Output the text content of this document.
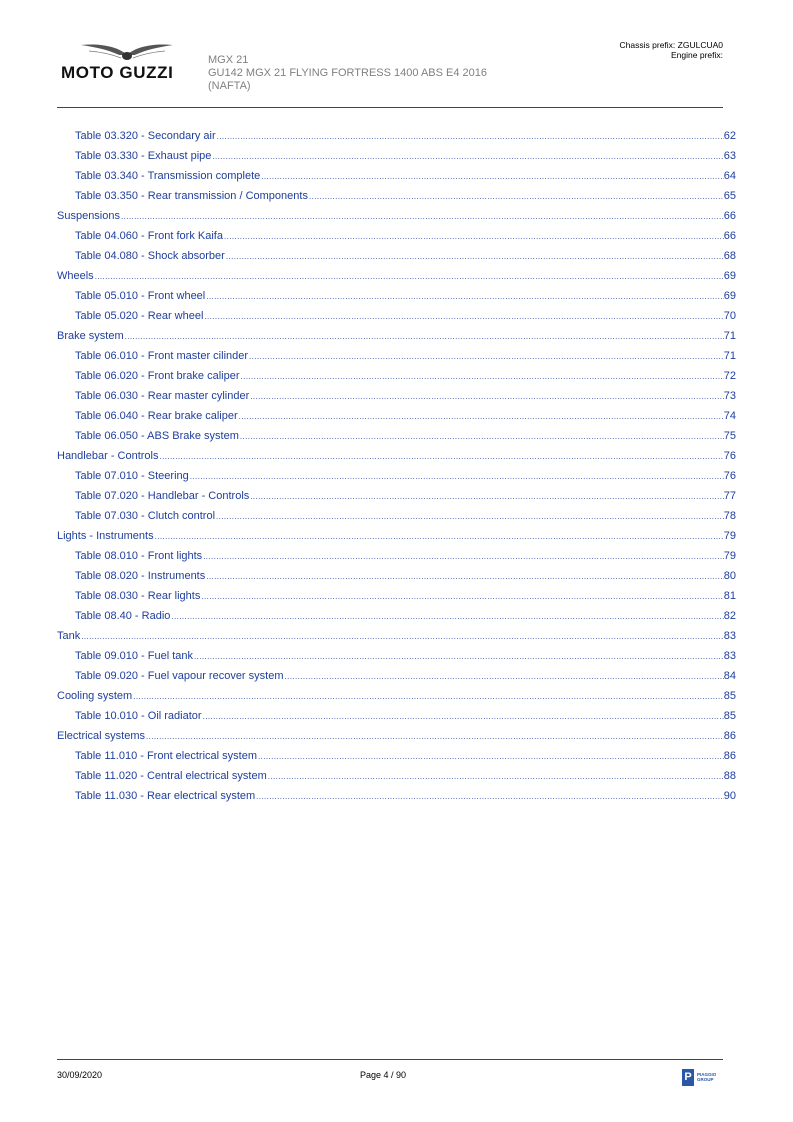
MOTO GUZZI
MGX 21
GU142 MGX 21 FLYING FORTRESS 1400 ABS E4 2016
(NAFTA)
Chassis prefix: ZGULCUA0
Engine prefix:
Table 03.320 - Secondary air .....	62
Table 03.330 - Exhaust pipe .....	63
Table 03.340 - Transmission complete .....	64
Table 03.350 - Rear transmission / Components .....	65
Suspensions .....	66
Table 04.060 - Front fork Kaifa .....	66
Table 04.080 - Shock absorber .....	68
Wheels .....	69
Table 05.010 - Front wheel .....	69
Table 05.020 - Rear wheel .....	70
Brake system .....	71
Table 06.010 - Front master cilinder .....	71
Table 06.020 - Front brake caliper .....	72
Table 06.030 - Rear master cylinder .....	73
Table 06.040 - Rear brake caliper .....	74
Table 06.050 - ABS Brake system .....	75
Handlebar - Controls .....	76
Table 07.010 - Steering .....	76
Table 07.020 - Handlebar - Controls .....	77
Table 07.030 - Clutch control .....	78
Lights - Instruments .....	79
Table 08.010 - Front lights .....	79
Table 08.020 - Instruments .....	80
Table 08.030 - Rear lights .....	81
Table 08.40 - Radio .....	82
Tank .....	83
Table 09.010 - Fuel tank .....	83
Table 09.020 - Fuel vapour recover system .....	84
Cooling system .....	85
Table 10.010 - Oil radiator .....	85
Electrical systems .....	86
Table 11.010 - Front electrical system .....	86
Table 11.020 - Central electrical system .....	88
Table 11.030 - Rear electrical system .....	90
30/09/2020	Page 4 / 90	P	PIAGGIO
GROUP
